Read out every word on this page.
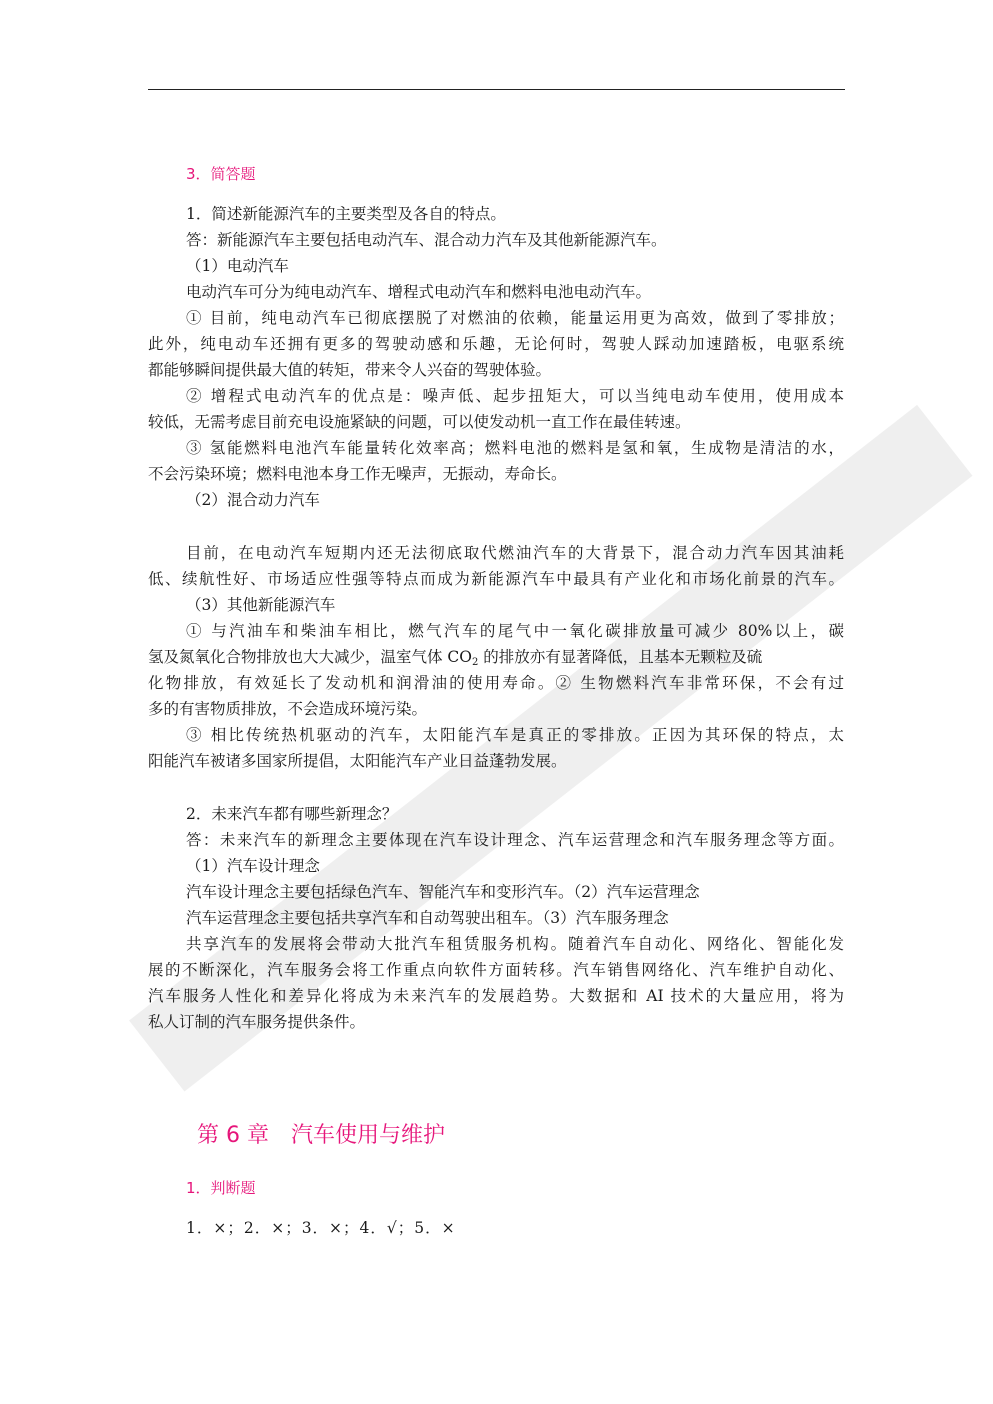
3．简答题
1．简述新能源汽车的主要类型及各自的特点。
答：新能源汽车主要包括电动汽车、混合动力汽车及其他新能源汽车。
（1）电动汽车
电动汽车可分为纯电动汽车、增程式电动汽车和燃料电池电动汽车。
① 目前，纯电动汽车已彻底摆脱了对燃油的依赖，能量运用更为高效，做到了零排放；
此外，纯电动车还拥有更多的驾驶动感和乐趣，无论何时，驾驶人踩动加速踏板，电驱系统
都能够瞬间提供最大值的转矩，带来令人兴奋的驾驶体验。
② 增程式电动汽车的优点是：噪声低、起步扭矩大，可以当纯电动车使用，使用成本
较低，无需考虑目前充电设施紧缺的问题，可以使发动机一直工作在最佳转速。
③ 氢能燃料电池汽车能量转化效率高；燃料电池的燃料是氢和氧，生成物是清洁的水，
不会污染环境；燃料电池本身工作无噪声，无振动，寿命长。
（2）混合动力汽车
目前，在电动汽车短期内还无法彻底取代燃油汽车的大背景下，混合动力汽车因其油耗
低、续航性好、市场适应性强等特点而成为新能源汽车中最具有产业化和市场化前景的汽车。
（3）其他新能源汽车
① 与汽油车和柴油车相比，燃气汽车的尾气中一氧化碳排放量可减少 80%以上，碳
氢及氮氧化合物排放也大大减少，温室气体 $CO_2$ 的排放亦有显著降低，且基本无颗粒及硫
化物排放，有效延长了发动机和润滑油的使用寿命。② 生物燃料汽车非常环保，不会有过
多的有害物质排放，不会造成环境污染。
③ 相比传统热机驱动的汽车，太阳能汽车是真正的零排放。正因为其环保的特点，太
阳能汽车被诸多国家所提倡，太阳能汽车产业日益蓬勃发展。
2．未来汽车都有哪些新理念？
答：未来汽车的新理念主要体现在汽车设计理念、汽车运营理念和汽车服务理念等方面。
（1）汽车设计理念
汽车设计理念主要包括绿色汽车、智能汽车和变形汽车。（2）汽车运营理念
汽车运营理念主要包括共享汽车和自动驾驶出租车。（3）汽车服务理念
共享汽车的发展将会带动大批汽车租赁服务机构。随着汽车自动化、网络化、智能化发
展的不断深化，汽车服务会将工作重点向软件方面转移。汽车销售网络化、汽车维护自动化、
汽车服务人性化和差异化将成为未来汽车的发展趋势。大数据和 AI 技术的大量应用，将为
私人订制的汽车服务提供条件。
第 6 章 汽车使用与维护
1．判断题
1．×；2．×；3．×；4．√；5．×
